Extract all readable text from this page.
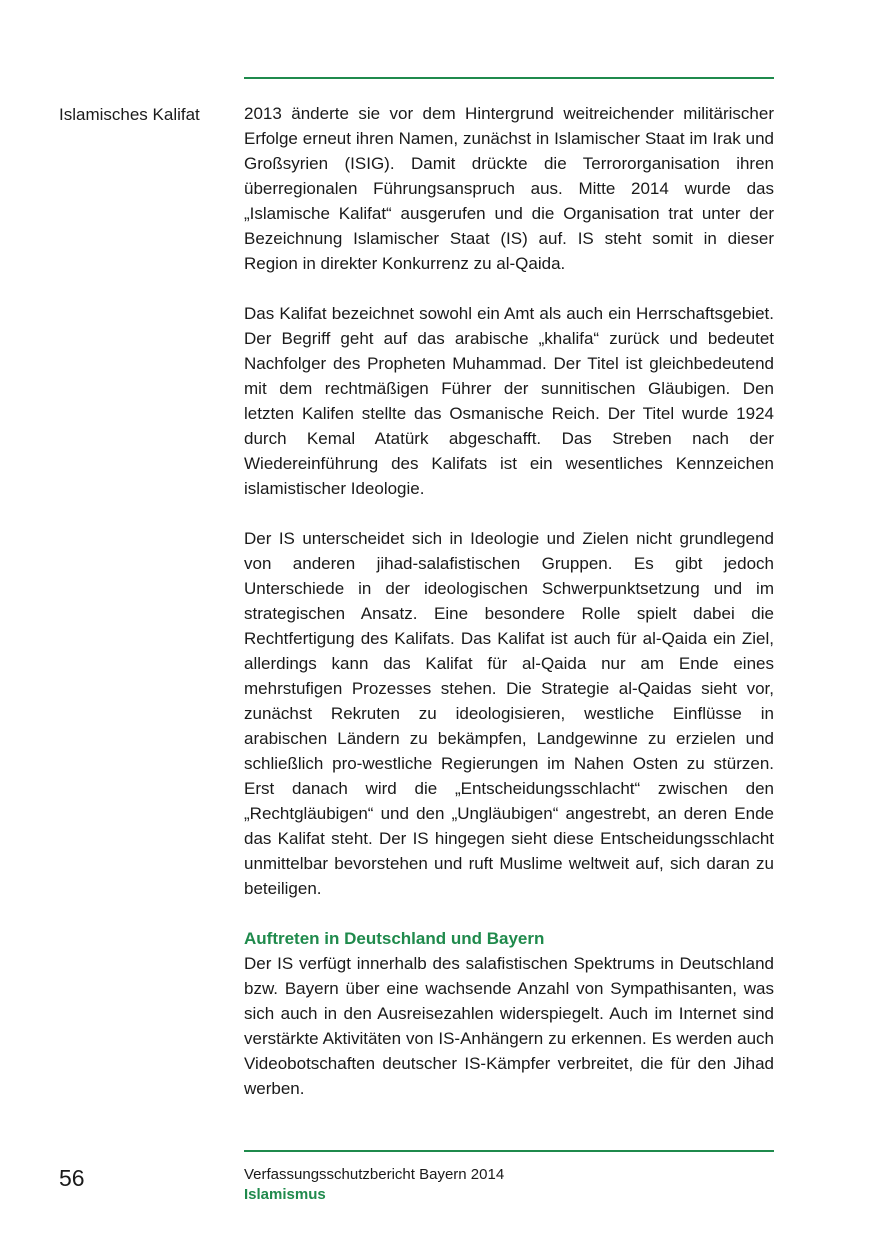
Islamisches Kalifat	2013 änderte sie vor dem Hintergrund weitreichender militärischer Erfolge erneut ihren Namen, zunächst in Islamischer Staat im Irak und Großsyrien (ISIG). Damit drückte die Terrororganisation ihren überregionalen Führungsanspruch aus. Mitte 2014 wurde das „Islamische Kalifat“ ausgerufen und die Organisation trat unter der Bezeichnung Islamischer Staat (IS) auf. IS steht somit in dieser Region in direkter Konkurrenz zu al-Qaida.

Das Kalifat bezeichnet sowohl ein Amt als auch ein Herrschaftsgebiet. Der Begriff geht auf das arabische „khalifa“ zurück und bedeutet Nachfolger des Propheten Muhammad. Der Titel ist gleichbedeutend mit dem rechtmäßigen Führer der sunnitischen Gläubigen. Den letzten Kalifen stellte das Osmanische Reich. Der Titel wurde 1924 durch Kemal Atatürk abgeschafft. Das Streben nach der Wiedereinführung des Kalifats ist ein wesentliches Kennzeichen islamistischer Ideologie.

Der IS unterscheidet sich in Ideologie und Zielen nicht grundlegend von anderen jihad-salafistischen Gruppen. Es gibt jedoch Unterschiede in der ideologischen Schwerpunktsetzung und im strategischen Ansatz. Eine besondere Rolle spielt dabei die Rechtfertigung des Kalifats. Das Kalifat ist auch für al-Qaida ein Ziel, allerdings kann das Kalifat für al-Qaida nur am Ende eines mehrstufigen Prozesses stehen. Die Strategie al-Qaidas sieht vor, zunächst Rekruten zu ideologisieren, westliche Einflüsse in arabischen Ländern zu bekämpfen, Landgewinne zu erzielen und schließlich pro-westliche Regierungen im Nahen Osten zu stürzen. Erst danach wird die „Entscheidungsschlacht“ zwischen den „Rechtgläubigen“ und den „Ungläubigen“ angestrebt, an deren Ende das Kalifat steht. Der IS hingegen sieht diese Entscheidungsschlacht unmittelbar bevorstehen und ruft Muslime weltweit auf, sich daran zu beteiligen.

Auftreten in Deutschland und Bayern

Der IS verfügt innerhalb des salafistischen Spektrums in Deutschland bzw. Bayern über eine wachsende Anzahl von Sympathisanten, was sich auch in den Ausreisezahlen widerspiegelt. Auch im Internet sind verstärkte Aktivitäten von IS-Anhängern zu erkennen. Es werden auch Videobotschaften deutscher IS-Kämpfer verbreitet, die für den Jihad werben.

56	Verfassungsschutzbericht Bayern 2014
Islamismus
